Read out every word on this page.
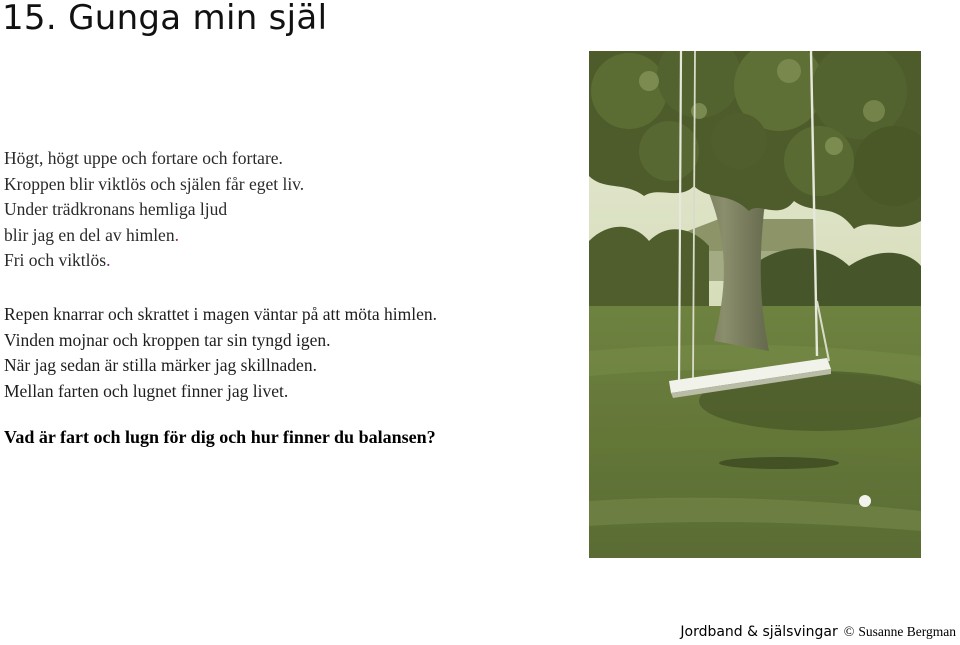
15. Gunga min själ
Högt, högt uppe och fortare och fortare.
Kroppen blir viktlös och själen får eget liv.
Under trädkronans hemliga ljud
blir jag en del av himlen.
Fri och viktlös.
Repen knarrar och skrattet i magen väntar på att möta himlen.
Vinden mojnar och kroppen tar sin tyngd igen.
När jag sedan är stilla märker jag skillnaden.
Mellan farten och lugnet finner jag livet.

Vad är fart och lugn för dig och hur finner du balansen?

Jordband & själsvingar © Susanne Bergman
